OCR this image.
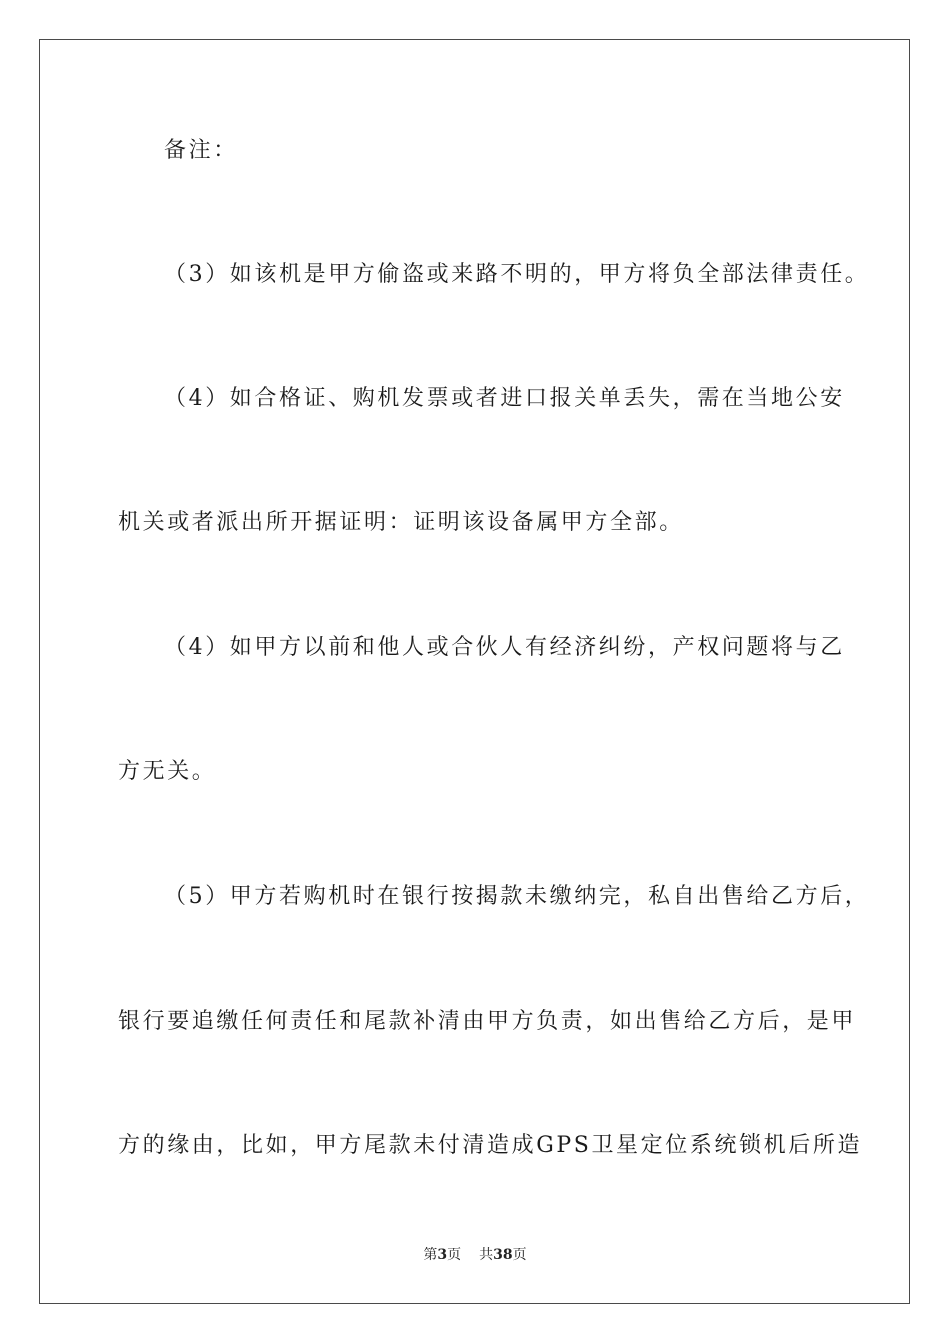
备注：
（3）如该机是甲方偷盗或来路不明的，甲方将负全部法律责任。
（4）如合格证、购机发票或者进口报关单丢失，需在当地公安
机关或者派出所开据证明：证明该设备属甲方全部。
（4）如甲方以前和他人或合伙人有经济纠纷，产权问题将与乙
方无关。
（5）甲方若购机时在银行按揭款未缴纳完，私自出售给乙方后，
银行要追缴任何责任和尾款补清由甲方负责，如出售给乙方后，是甲
方的缘由，比如，甲方尾款未付清造成GPS卫星定位系统锁机后所造
第3页 共38页
